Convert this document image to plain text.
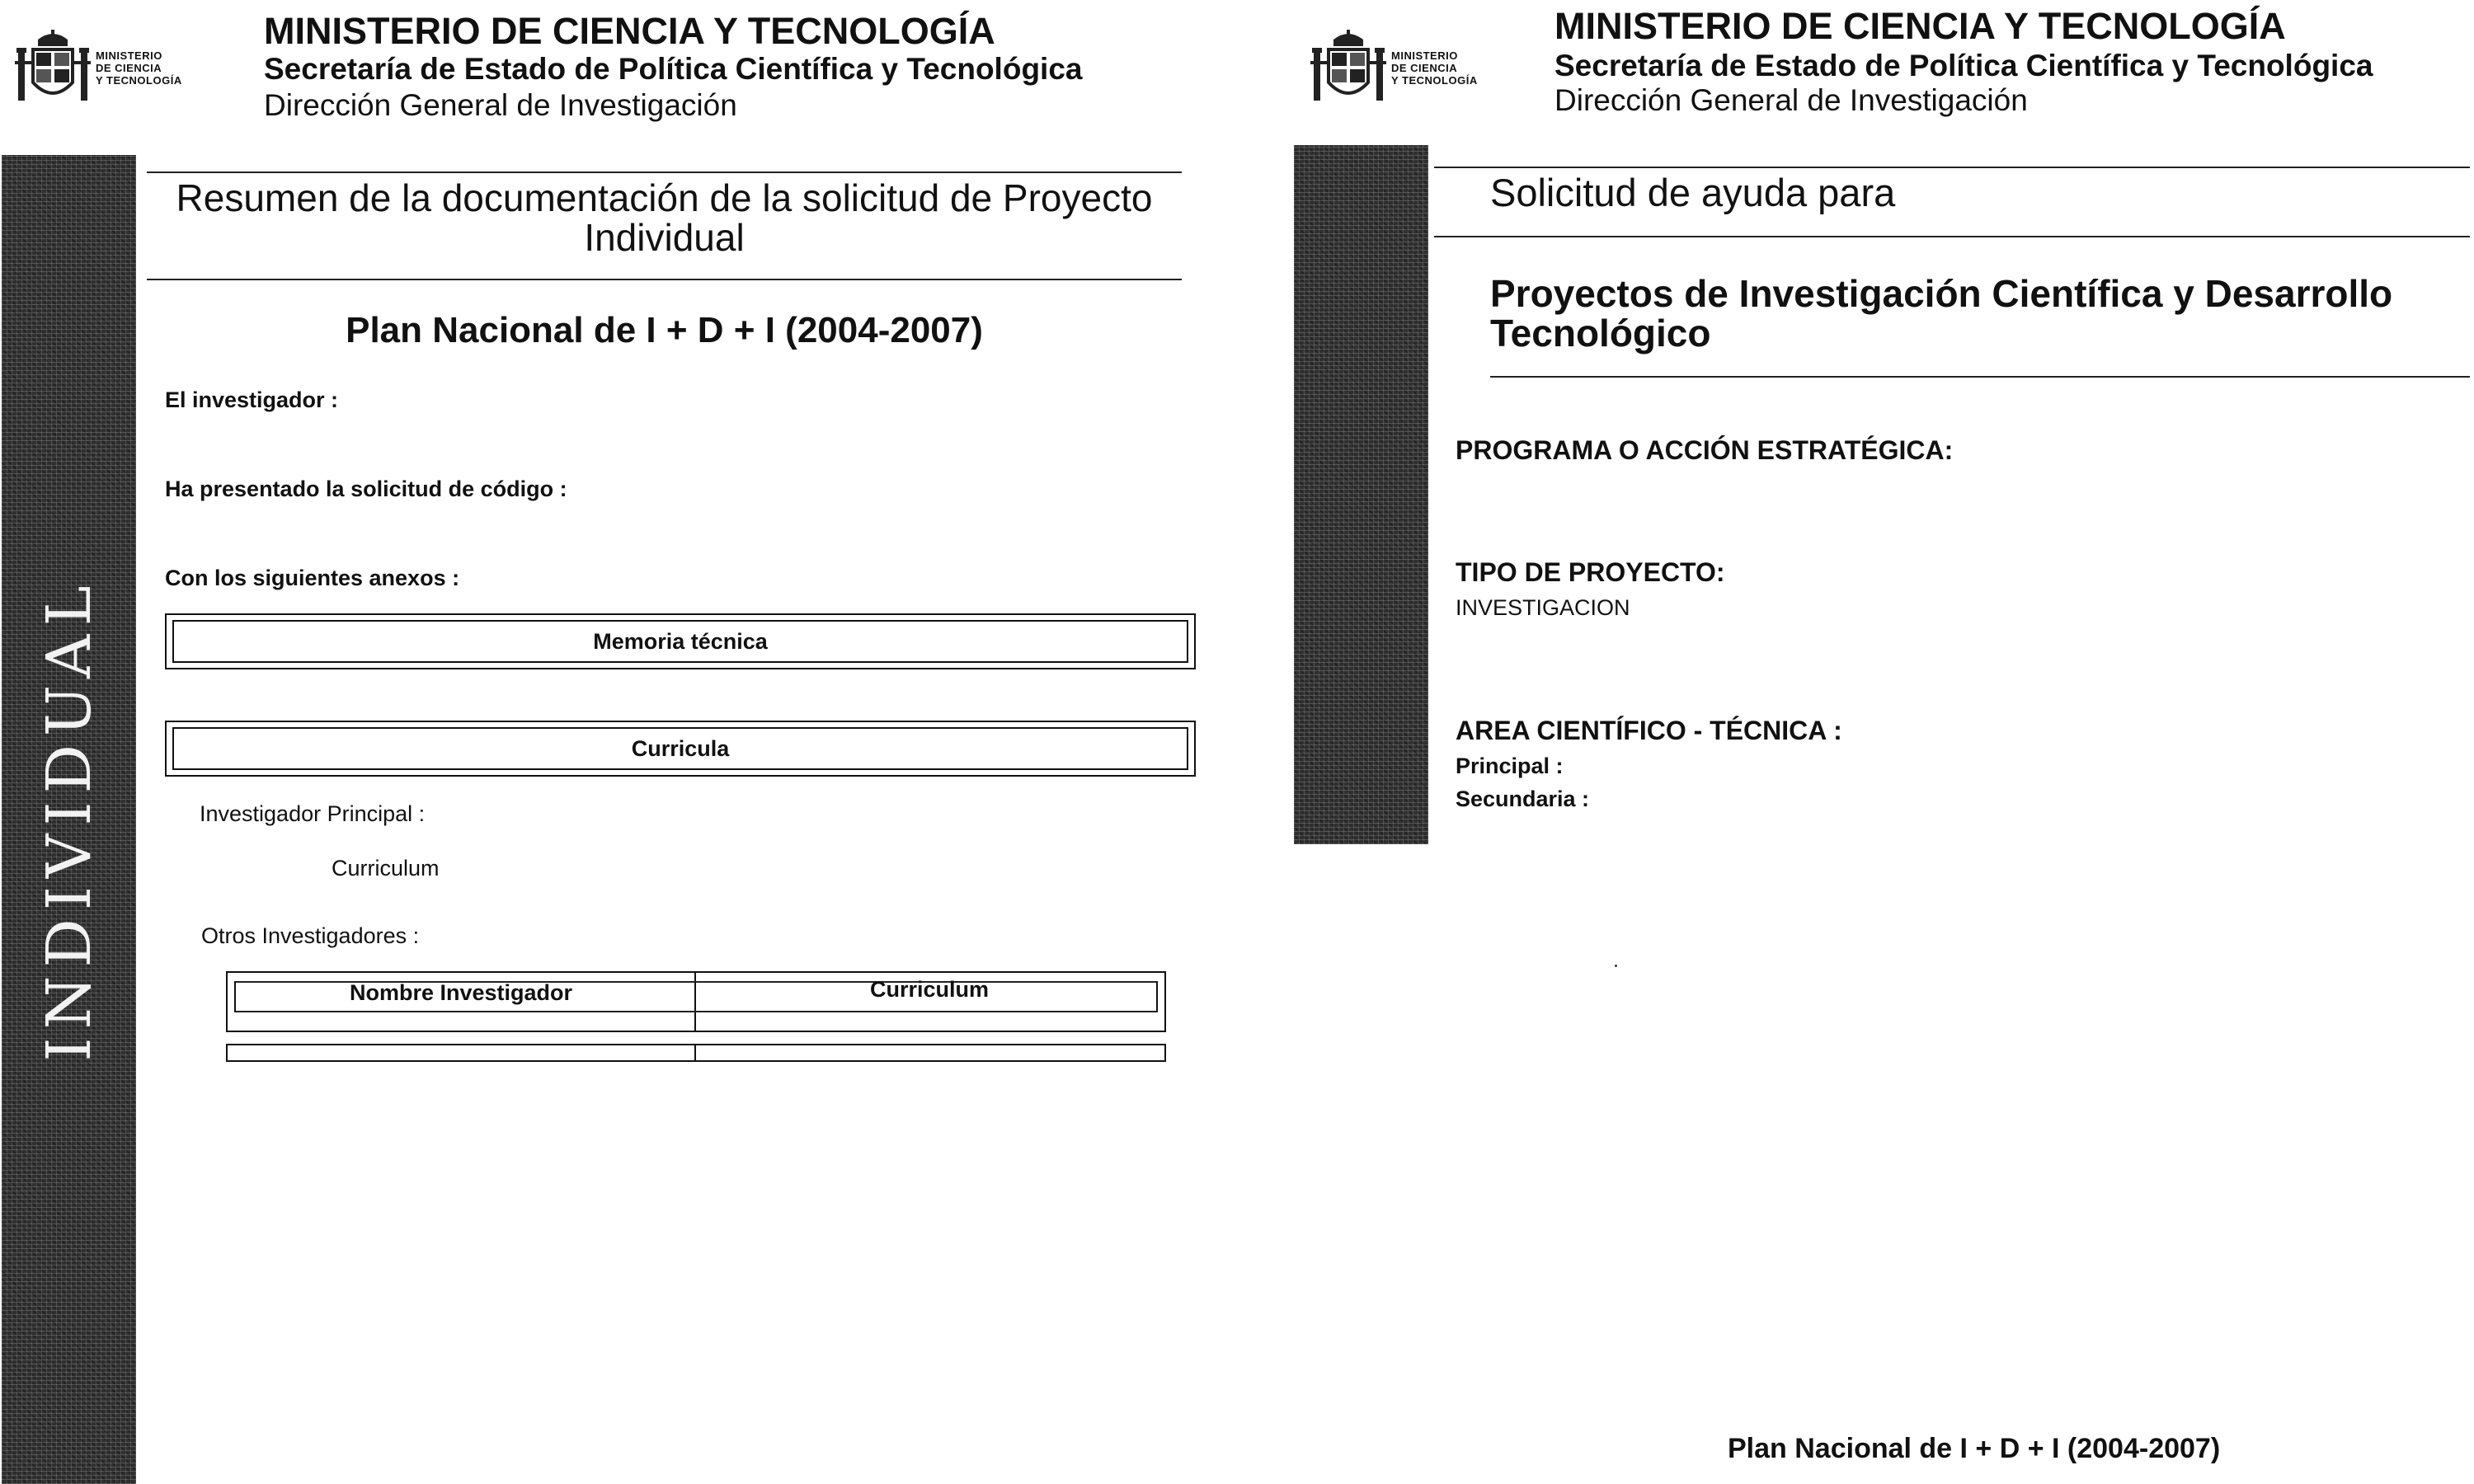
MINISTERIO
DE CIENCIA
Y TECNOLOGÍA
MINISTERIO DE CIENCIA Y TECNOLOGÍA
Secretaría de Estado de Política Científica y Tecnológica
Dirección General de Investigación
INDIVIDUAL
Resumen de la documentación de la solicitud de Proyecto Individual
Plan Nacional de I + D + I (2004-2007)
El investigador :
Ha presentado la solicitud de código :
Con los siguientes anexos :
Memoria técnica
Curricula
Investigador Principal :
Curriculum
Otros Investigadores :
Nombre Investigador	Curriculum
MINISTERIO
DE CIENCIA
Y TECNOLOGÍA
MINISTERIO DE CIENCIA Y TECNOLOGÍA
Secretaría de Estado de Política Científica y Tecnológica
Dirección General de Investigación
Solicitud de ayuda para
Proyectos de Investigación Científica y Desarrollo Tecnológico
PROGRAMA O ACCIÓN ESTRATÉGICA:
TIPO DE PROYECTO:
INVESTIGACION
AREA CIENTÍFICO - TÉCNICA :
Principal :
Secundaria :
Plan Nacional de I + D + I (2004-2007)
